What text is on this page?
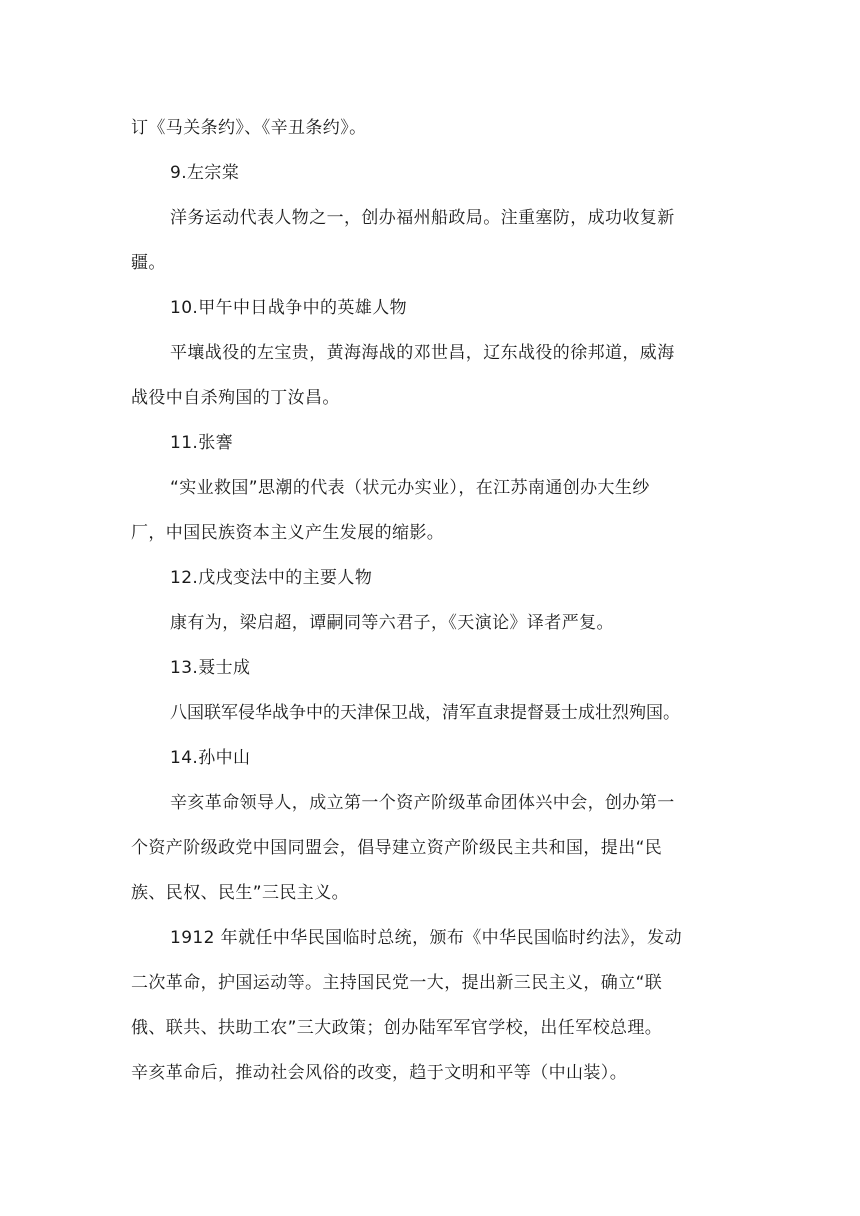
订《马关条约》、《辛丑条约》。
9.左宗棠
洋务运动代表人物之一，创办福州船政局。注重塞防，成功收复新
疆。
10.甲午中日战争中的英雄人物
平壤战役的左宝贵，黄海海战的邓世昌，辽东战役的徐邦道，威海
战役中自杀殉国的丁汝昌。
11.张謇
“实业救国”思潮的代表（状元办实业），在江苏南通创办大生纱
厂，中国民族资本主义产生发展的缩影。
12.戊戌变法中的主要人物
康有为，梁启超，谭嗣同等六君子，《天演论》译者严复。
13.聂士成
八国联军侵华战争中的天津保卫战，清军直隶提督聂士成壮烈殉国。
14.孙中山
辛亥革命领导人，成立第一个资产阶级革命团体兴中会，创办第一
个资产阶级政党中国同盟会，倡导建立资产阶级民主共和国，提出“民
族、民权、民生”三民主义。
1912 年就任中华民国临时总统，颁布《中华民国临时约法》，发动
二次革命，护国运动等。主持国民党一大，提出新三民主义，确立“联
俄、联共、扶助工农”三大政策；创办陆军军官学校，出任军校总理。
辛亥革命后，推动社会风俗的改变，趋于文明和平等（中山装）。
